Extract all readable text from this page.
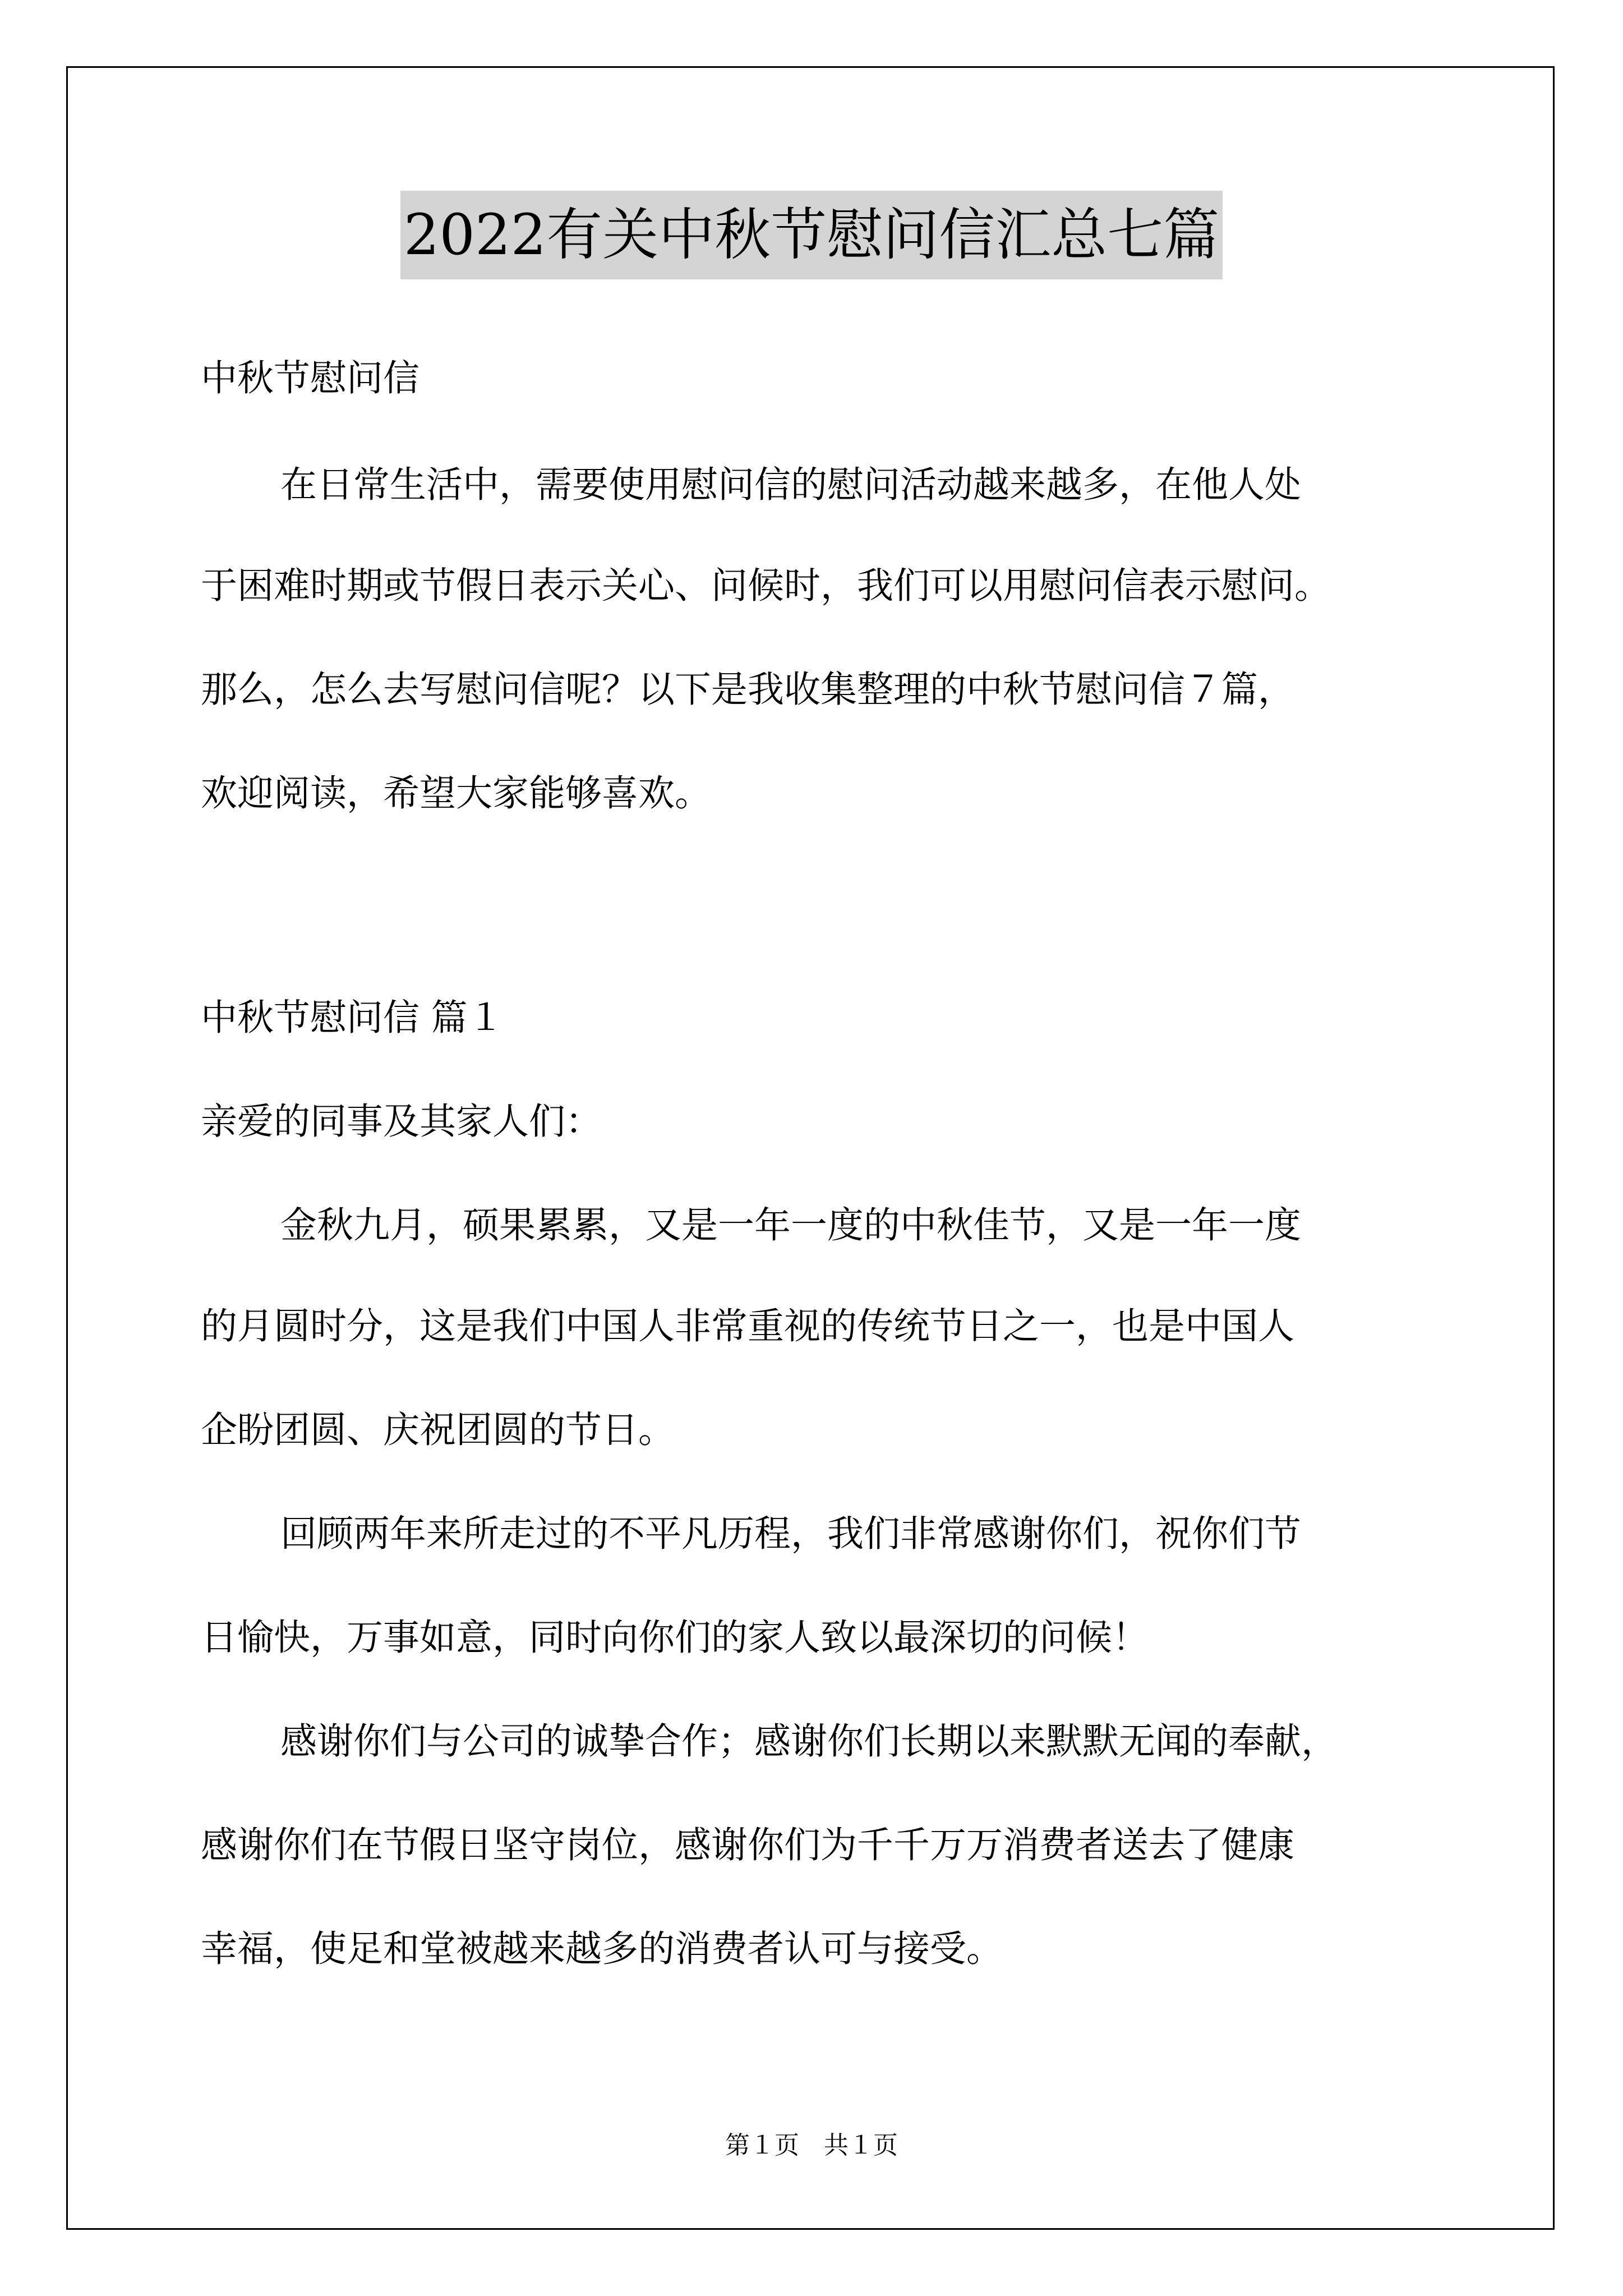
2022有关中秋节慰问信汇总七篇
中秋节慰问信
在日常生活中，需要使用慰问信的慰问活动越来越多，在他人处
于困难时期或节假日表示关心、问候时，我们可以用慰问信表示慰问。
那么，怎么去写慰问信呢？以下是我收集整理的中秋节慰问信７篇，
欢迎阅读，希望大家能够喜欢。
中秋节慰问信 篇１
亲爱的同事及其家人们：
金秋九月，硕果累累，又是一年一度的中秋佳节，又是一年一度
的月圆时分，这是我们中国人非常重视的传统节日之一，也是中国人
企盼团圆、庆祝团圆的节日。
回顾两年来所走过的不平凡历程，我们非常感谢你们，祝你们节
日愉快，万事如意，同时向你们的家人致以最深切的问候！
感谢你们与公司的诚挚合作；感谢你们长期以来默默无闻的奉献，
感谢你们在节假日坚守岗位，感谢你们为千千万万消费者送去了健康
幸福，使足和堂被越来越多的消费者认可与接受。
第１页　共１页
